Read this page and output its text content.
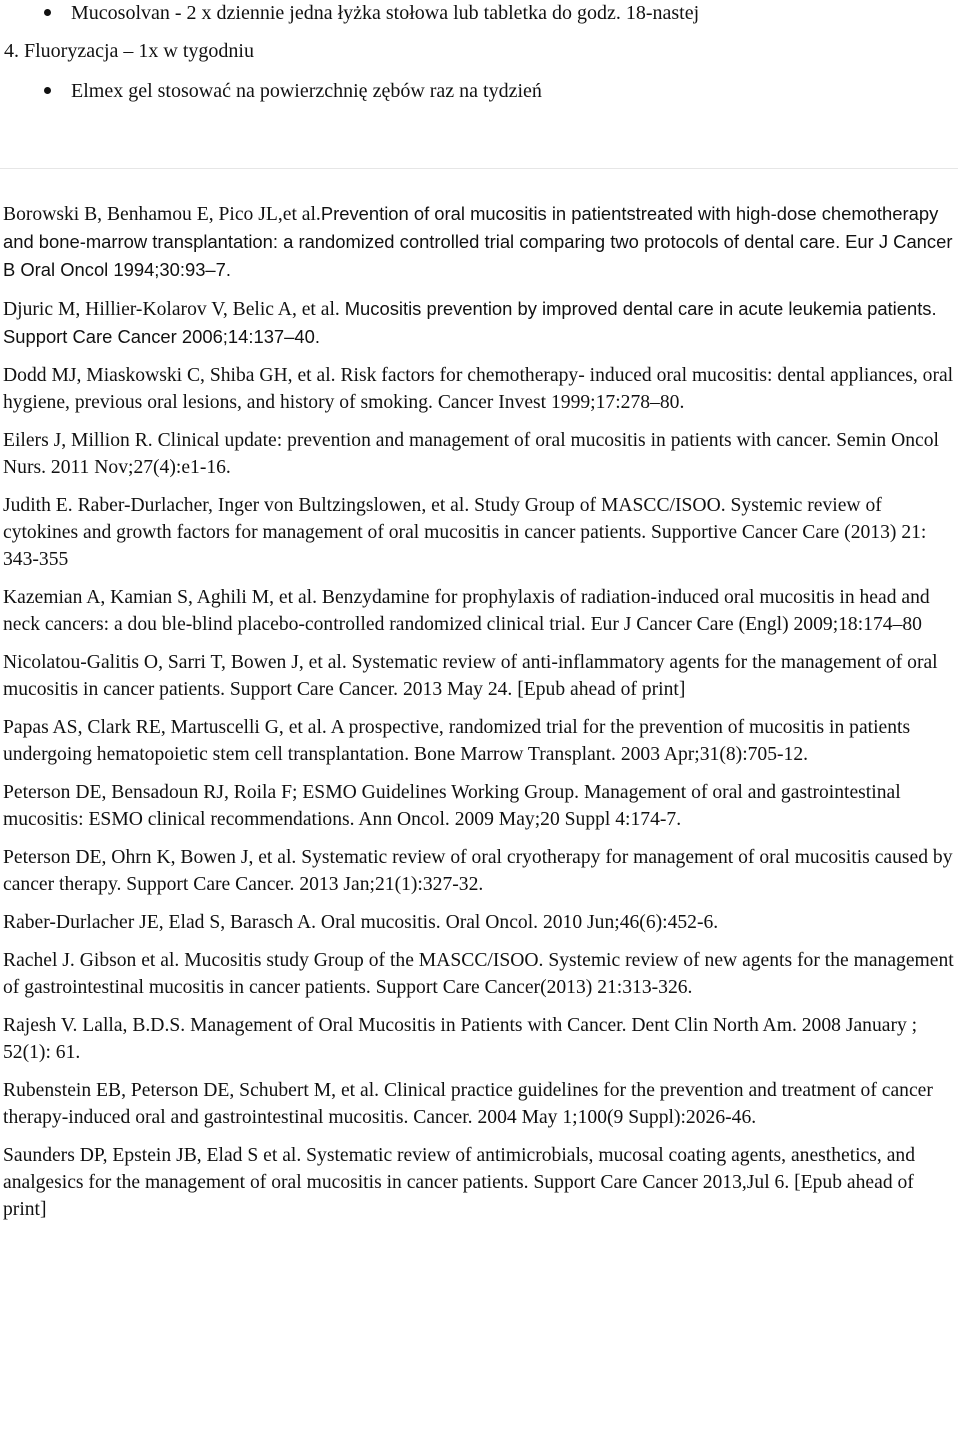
Mucosolvan - 2 x dziennie jedna łyżka stołowa lub tabletka do godz. 18-nastej
4. Fluoryzacja – 1x w tygodniu
Elmex gel stosować na powierzchnię zębów raz na tydzień

Borowski B, Benhamou E, Pico JL,et al.Prevention of oral mucositis in patientstreated with high-dose chemotherapy and bone-marrow transplantation: a randomized controlled trial comparing two protocols of dental care. Eur J Cancer B Oral Oncol 1994;30:93–7.

Djuric M, Hillier-Kolarov V, Belic A, et al. Mucositis prevention by improved dental care in acute leukemia patients. Support Care Cancer 2006;14:137–40.

Dodd MJ, Miaskowski C, Shiba GH, et al. Risk factors for chemotherapy- induced oral mucositis: dental appliances, oral hygiene, previous oral lesions, and history of smoking. Cancer Invest 1999;17:278–80.

Eilers J, Million R. Clinical update: prevention and management of oral mucositis in patients with cancer. Semin Oncol Nurs. 2011 Nov;27(4):e1-16.

Judith E. Raber-Durlacher, Inger von Bultzingslowen, et al. Study Group of MASCC/ISOO. Systemic review of cytokines and growth factors for management of oral mucositis in cancer patients. Supportive Cancer Care (2013) 21: 343-355

Kazemian A, Kamian S, Aghili M, et al. Benzydamine for prophylaxis of radiation-induced oral mucositis in head and neck cancers: a dou ble-blind placebo-controlled randomized clinical trial. Eur J Cancer Care (Engl) 2009;18:174–80

Nicolatou-Galitis O, Sarri T, Bowen J, et al. Systematic review of anti-inflammatory agents for the management of oral mucositis in cancer patients. Support Care Cancer. 2013 May 24. [Epub ahead of print]

Papas AS, Clark RE, Martuscelli G, et al. A prospective, randomized trial for the prevention of mucositis in patients undergoing hematopoietic stem cell transplantation. Bone Marrow Transplant. 2003 Apr;31(8):705-12.

Peterson DE, Bensadoun RJ, Roila F; ESMO Guidelines Working Group. Management of oral and gastrointestinal mucositis: ESMO clinical recommendations. Ann Oncol. 2009 May;20 Suppl 4:174-7.

Peterson DE, Ohrn K, Bowen J, et al. Systematic review of oral cryotherapy for management of oral mucositis caused by cancer therapy. Support Care Cancer. 2013 Jan;21(1):327-32.

Raber-Durlacher JE, Elad S, Barasch A. Oral mucositis. Oral Oncol. 2010 Jun;46(6):452-6.

Rachel J. Gibson et al. Mucositis study Group of the MASCC/ISOO. Systemic review of new agents for the management of gastrointestinal mucositis in cancer patients. Support Care Cancer(2013) 21:313-326.

Rajesh V. Lalla, B.D.S. Management of Oral Mucositis in Patients with Cancer. Dent Clin North Am. 2008 January ; 52(1): 61.

Rubenstein EB, Peterson DE, Schubert M, et al. Clinical practice guidelines for the prevention and treatment of cancer therapy-induced oral and gastrointestinal mucositis. Cancer. 2004 May 1;100(9 Suppl):2026-46.

Saunders DP, Epstein JB, Elad S et al. Systematic review of antimicrobials, mucosal coating agents, anesthetics, and analgesics for the management of oral mucositis in cancer patients. Support Care Cancer 2013,Jul 6. [Epub ahead of print]
